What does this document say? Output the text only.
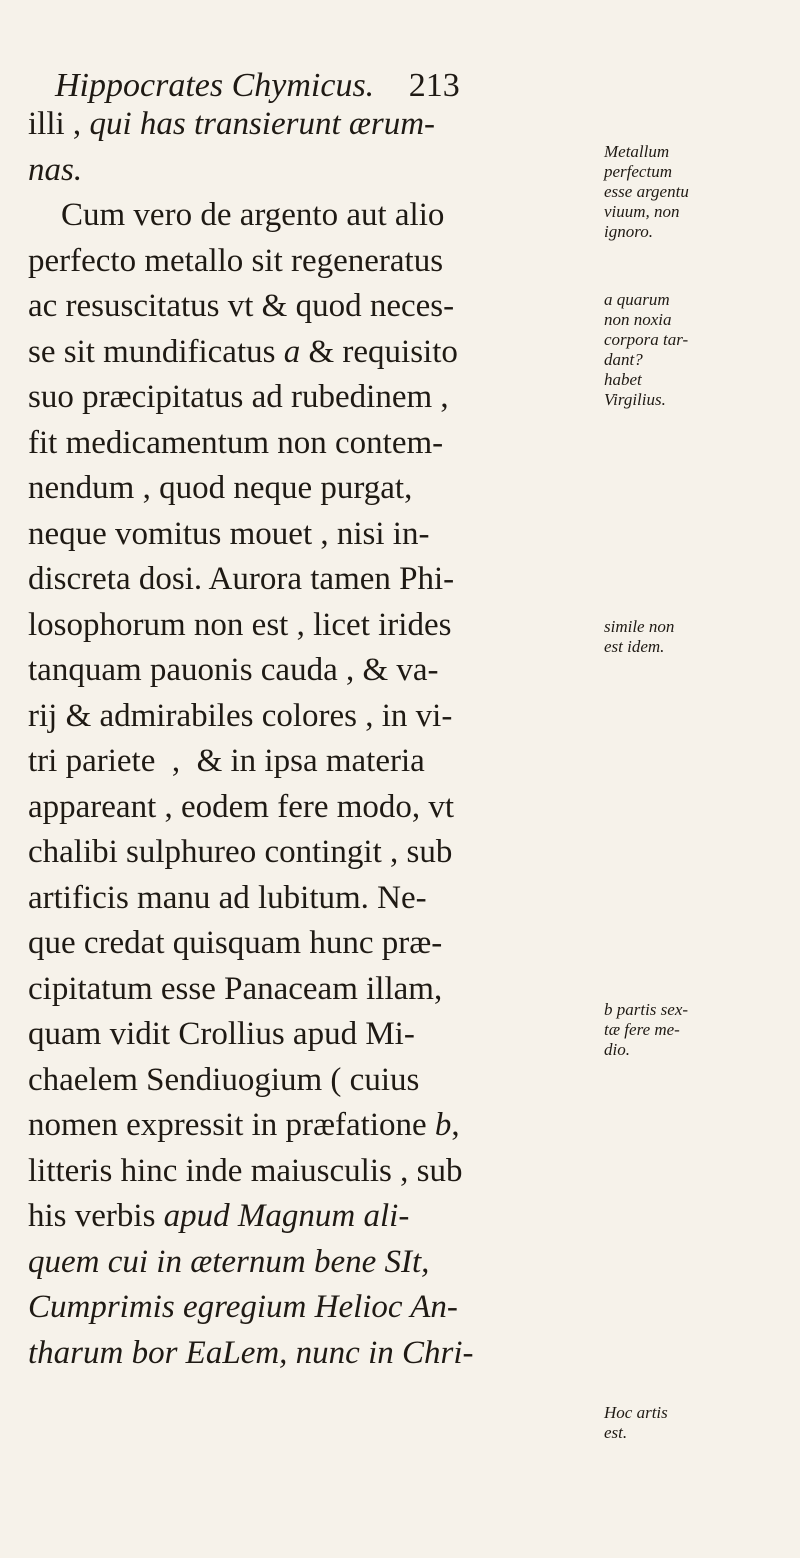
Hippocrates Chymicus. 213
illi , qui has transierunt ærum-
nas.
Cum vero de argento aut alio
perfecto metallo sit regeneratus
ac resuscitatus vt & quod neces-
se sit mundificatus a & requisito
suo præcipitatus ad rubedinem ,
fit medicamentum non contem-
nendum , quod neque purgat,
neque vomitus mouet , nisi in-
discreta dosi. Aurora tamen Phi-
losophorum non est , licet irides
tanquam pauonis cauda , & va-
rij & admirabiles colores , in vi-
tri pariete  ,  & in ipsa materia
appareant , eodem fere modo, vt
chalibi sulphureo contingit , sub
artificis manu ad lubitum. Ne-
que credat quisquam hunc præ-
cipitatum esse Panaceam illam,
quam vidit Crollius apud Mi-
chaelem Sendiuogium ( cuius
nomen expressit in præfatione b,
litteris hinc inde maiusculis , sub
his verbis apud Magnum ali-
quem cui in æternum bene SIt,
Cumprimis egregium Helioc An-
tharum bor EaLem, nunc in Chri-
Metallum
perfectum
esse argentu
viuum, non
ignoro.
a quarum
non noxia
corpora tar-
dant?
habet
Virgilius.
simile non
est idem.
b partis sex-
tæ fere me-
dio.
Hoc artis
est.
